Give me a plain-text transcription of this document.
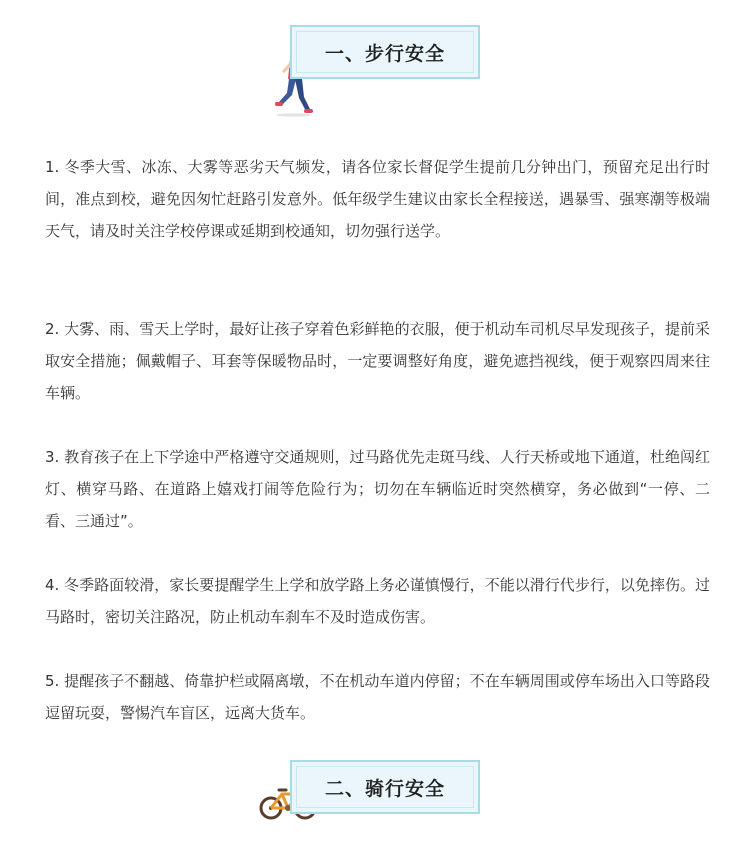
一、步行安全

1. 冬季大雪、冰冻、大雾等恶劣天气频发，请各位家长督促学生提前几分钟出门，预留充足出行时间，准点到校，避免因匆忙赶路引发意外。低年级学生建议由家长全程接送，遇暴雪、强寒潮等极端天气，请及时关注学校停课或延期到校通知，切勿强行送学。

2. 大雾、雨、雪天上学时，最好让孩子穿着色彩鲜艳的衣服，便于机动车司机尽早发现孩子，提前采取安全措施；佩戴帽子、耳套等保暖物品时，一定要调整好角度，避免遮挡视线，便于观察四周来往车辆。

3. 教育孩子在上下学途中严格遵守交通规则，过马路优先走斑马线、人行天桥或地下通道，杜绝闯红灯、横穿马路、在道路上嬉戏打闹等危险行为；切勿在车辆临近时突然横穿，务必做到“一停、二看、三通过”。

4. 冬季路面较滑，家长要提醒学生上学和放学路上务必谨慎慢行，不能以滑行代步行，以免摔伤。过马路时，密切关注路况，防止机动车刹车不及时造成伤害。

5. 提醒孩子不翻越、倚靠护栏或隔离墩，不在机动车道内停留；不在车辆周围或停车场出入口等路段逗留玩耍，警惕汽车盲区，远离大货车。

二、骑行安全
